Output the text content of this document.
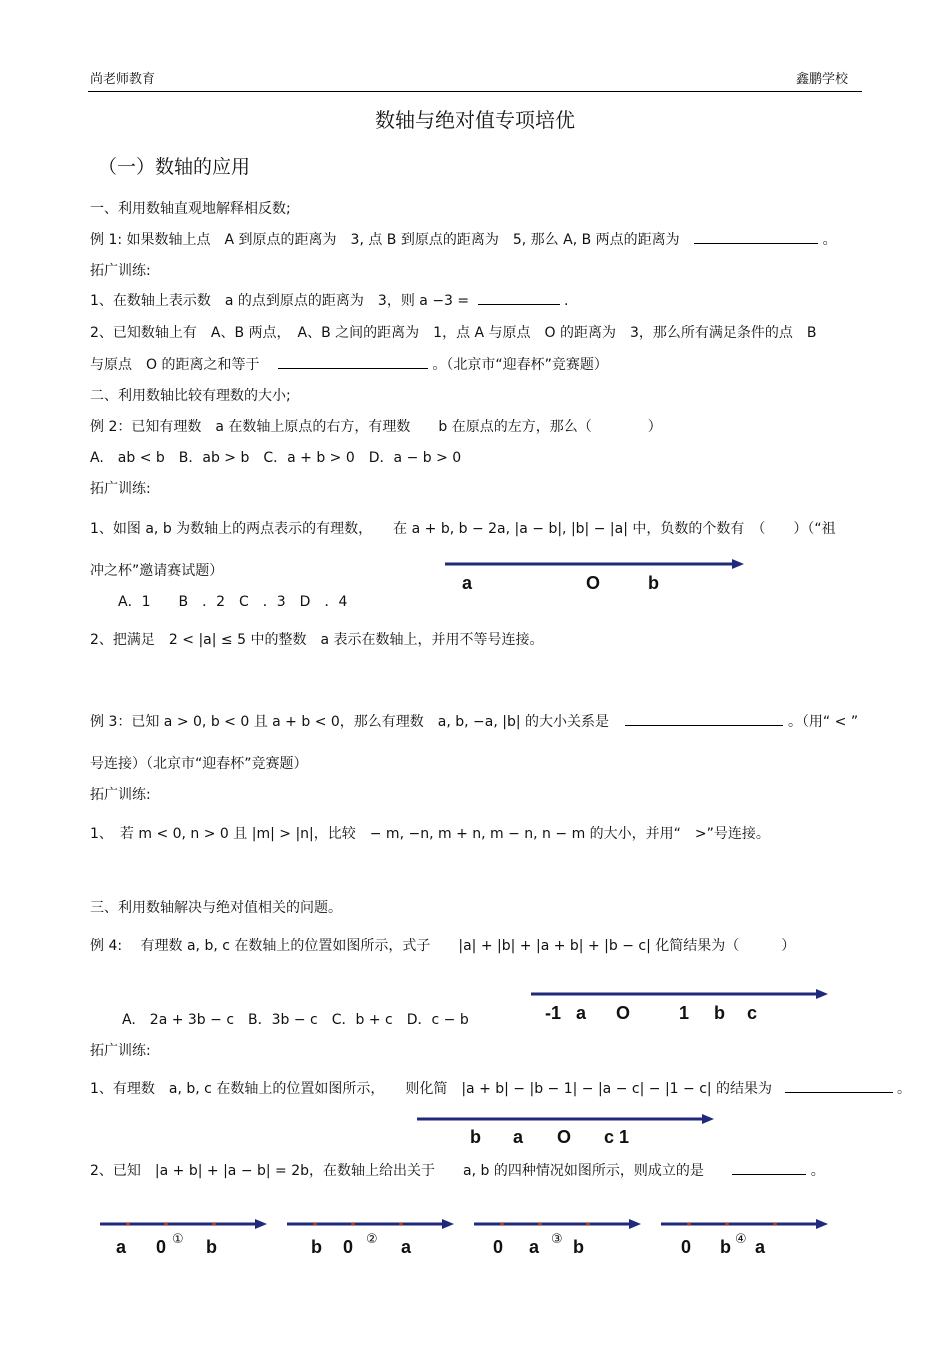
尚老师教育	鑫鹏学校
数轴与绝对值专项培优
（一）数轴的应用
一、利用数轴直观地解释相反数;
例 1: 如果数轴上点　A 到原点的距离为　3, 点 B 到原点的距离为　5, 那么 A, B 两点的距离为	。
拓广训练:
1、在数轴上表示数　a 的点到原点的距离为　3，则 a −3 =	.
2、已知数轴上有　A、B 两点，　A、B 之间的距离为　1，点 A 与原点　O 的距离为　3，那么所有满足条件的点　B
与原点　O 的距离之和等于	。（北京市“迎春杯”竞赛题）
二、利用数轴比较有理数的大小;
例 2：已知有理数　a 在数轴上原点的右方，有理数　　b 在原点的左方，那么（　　　　）
A.　ab < b　B．ab > b　C．a + b > 0　D．a − b > 0
拓广训练:
1、如图 a, b 为数轴上的两点表示的有理数，　　在 a + b, b − 2a, |a − b|, |b| − |a| 中，负数的个数有　（　　）（“祖
冲之杯”邀请赛试题）
A．1　　B　．2　C　．3　D　．4
2、把满足　2 < |a| ≤ 5 中的整数　a 表示在数轴上，并用不等号连接。
例 3：已知 a > 0, b < 0 且 a + b < 0，那么有理数　a, b, −a, |b| 的大小关系是	。（用“ < ”
号连接）（北京市“迎春杯”竞赛题）
拓广训练:
1、　若 m < 0, n > 0 且 |m| > |n|，比较　− m, −n, m + n, m − n, n − m 的大小，并用“　>”号连接。
三、利用数轴解决与绝对值相关的问题。
例 4:　 有理数 a, b, c 在数轴上的位置如图所示，式子　　|a| + |b| + |a + b| + |b − c| 化简结果为（　　　）
A.　2a + 3b − c　B．3b − c　C．b + c　D．c − b
拓广训练:
1、有理数　a, b, c 在数轴上的位置如图所示，　　则化简　|a + b| − |b − 1| − |a − c| − |1 − c| 的结果为	。
2、已知　|a + b| + |a − b| = 2b，在数轴上给出关于　　a, b 的四种情况如图所示，则成立的是	。
a	O	b
-1 a O	1 b c
b a O c 1
a 0 ① b	b 0 ② a	0 a ③ b	0 b ④ a
